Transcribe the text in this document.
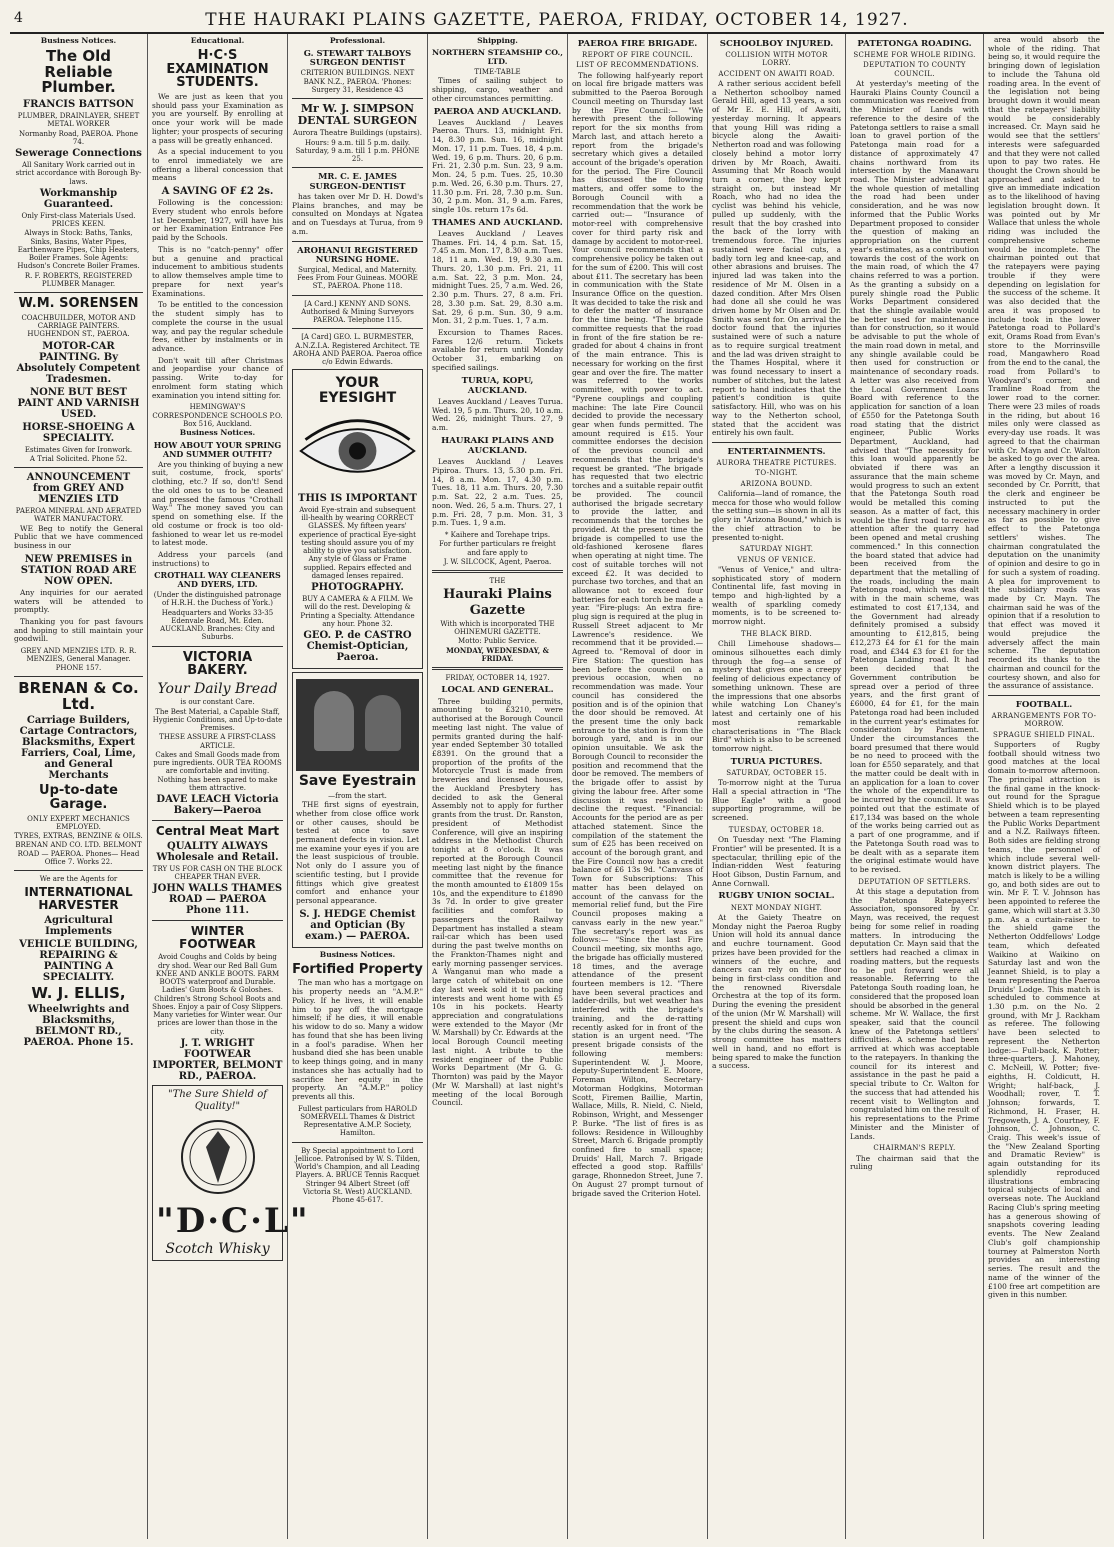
4	THE HAURAKI PLAINS GAZETTE, PAEROA, FRIDAY, OCTOBER 14, 1927.
Business Notices.
The Old Reliable Plumber.
FRANCIS BATTSON
PLUMBER, DRAINLAYER, SHEET METAL WORKER
Normanby Road, PAEROA. Phone 74.
Sewerage Connections
All Sanitary Work carried out in strict accordance with Borough By-laws.
Workmanship Guaranteed.
Only First-class Materials Used. PRICES KEEN.
Always in Stock: Baths, Tanks, Sinks, Basins, Water Pipes, Earthenware Pipes, Chip Heaters, Boiler Frames. Sole Agents: Hudson's Concrete Boiler Frames.
R. F. ROBERTS, REGISTERED PLUMBER Manager.
W.M. SORENSEN
COACHBUILDER, MOTOR AND CARRIAGE PAINTERS. HUGHENDON ST., PAEROA.
MOTOR-CAR PAINTING. By Absolutely Competent Tradesmen.
NONE BUT BEST PAINT AND VARNISH USED.
HORSE-SHOEING A SPECIALITY.
Estimates Given for Ironwork.
A Trial Solicited. Phone 52.
ANNOUNCEMENT from GREY AND MENZIES LTD
PAEROA MINERAL AND AERATED WATER MANUFACTORY.

WE Beg to notify the General Public that we have commenced business in our

NEW PREMISES in STATION ROAD ARE NOW OPEN.

Any inquiries for our aerated waters will be attended to promptly.

Thanking you for past favours and hoping to still maintain your goodwill.

GREY AND MENZIES LTD. R. R. MENZIES, General Manager. PHONE 157.
BRENAN & Co. Ltd.
Carriage Builders, Cartage Contractors, Blacksmiths, Expert Farriers, Coal, Lime, and General Merchants
Up-to-date Garage.
ONLY EXPERT MECHANICS EMPLOYED.
TYRES, EXTRAS, BENZINE & OILS.
BRENAN AND CO. LTD. BELMONT ROAD — PAEROA. Phones— Head Office 7. Works 22.
We are the Agents for
INTERNATIONAL HARVESTER
Agricultural Implements
VEHICLE BUILDING, REPAIRING & PAINTING A SPECIALITY.
W. J. ELLIS,
Wheelwrights and Blacksmiths, BELMONT RD., PAEROA. Phone 15.
Educational.
H·C·S EXAMINATION STUDENTS.

We are just as keen that you should pass your Examination as you are yourself. By enrolling at once your work will be made lighter; your prospects of securing a pass will be greatly enhanced.

As a special inducement to you to enrol immediately we are offering a liberal concession that means

A SAVING OF £2 2s.

Following is the concession: Every student who enrols before 1st December, 1927, will have his or her Examination Entrance Fee paid by the Schools.

This is no "catch-penny" offer but a genuine and practical inducement to ambitious students to allow themselves ample time to prepare for next year's Examinations.

To be entitled to the concession the student simply has to complete the course in the usual way, and pay the regular schedule fees, either by instalments or in advance.

Don't wait till after Christmas and jeopardise your chance of passing. Write to-day for enrolment form stating which examination you intend sitting for.

HEMINGWAY'S CORRESPONDENCE SCHOOLS P.O. Box 516, Auckland.
Business Notices.
HOW ABOUT YOUR SPRING AND SUMMER OUTFIT?

Are you thinking of buying a new suit, costume, frock, sports' clothing, etc.? If so, don't! Send the old ones to us to be cleaned and pressed the famous "Crothall Way." The money saved you can spend on something else. If the old costume or frock is too old-fashioned to wear let us re-model to latest mode.

Address your parcels (and instructions) to

CROTHALL WAY CLEANERS AND DYERS, LTD.
(Under the distinguished patronage of H.R.H. the Duchess of York.)
Headquarters and Works 33-35 Edenvale Road, Mt. Eden. AUCKLAND. Branches: City and Suburbs.
VICTORIA BAKERY.
Your Daily Bread
is our constant Care.
The Best Material, a Capable Staff, Hygienic Conditions, and Up-to-date Premises.
THESE ASSURE A FIRST-CLASS ARTICLE.
Cakes and Small Goods made from pure ingredients. OUR TEA ROOMS are comfortable and inviting. Nothing has been spared to make them attractive.
DAVE LEACH Victoria Bakery—Paeroa
Central Meat Mart
QUALITY ALWAYS Wholesale and Retail.
TRY US FOR CASH ON THE BLOCK CHEAPER THAN EVER.
JOHN WALLS THAMES ROAD — PAEROA Phone 111.
WINTER FOOTWEAR
Avoid Coughs and Colds by being dry shod. Wear our Red Ball Gum KNEE AND ANKLE BOOTS. FARM BOOTS waterproof and Durable. Ladies' Gum Boots & Goloshes. Children's Strong School Boots and Shoes. Enjoy a pair of Cosy Slippers. Many varieties for Winter wear. Our prices are lower than those in the city.
J. T. WRIGHT FOOTWEAR IMPORTER, BELMONT RD., PAEROA.
"The Sure Shield of Quality!"
"D·C·L"
Scotch Whisky
Professional.
G. STEWART TALBOYS SURGEON DENTIST
CRITERION BUILDINGS. NEXT BANK N.Z., PAEROA. 'Phones: Surgery 31, Residence 43
Mr W. J. SIMPSON DENTAL SURGEON
Aurora Theatre Buildings (upstairs).
Hours: 9 a.m. till 5 p.m. daily. Saturday, 9 a.m. till 1 p.m. PHONE 25.
MR. C. E. JAMES SURGEON-DENTIST

has taken over Mr D. H. Dowd's Plains branches, and may be consulted on Mondays at Ngatea and on Tuesdays at Turua, from 9 a.m.

AROHANUI REGISTERED NURSING HOME.
Surgical, Medical, and Maternity. Fees From Four Guineas. MOORE ST., PAEROA. Phone 118.
[A Card.] KENNY AND SONS. Authorised & Mining Surveyors PAEROA. Telephone 115.
[A Card] GEO. L. BURMESTER, A.N.Z.I.A. Registered Architect. TE AROHA AND PAEROA. Paeroa office c/o Edwin Edwards.
YOUR EYESIGHT
THIS IS IMPORTANT
Avoid Eye-strain and subsequent ill-health by wearing CORRECT GLASSES. My fifteen years' experience of practical Eye-sight testing should assure you of my ability to give you satisfaction. Any style of Glass or Frame supplied. Repairs effected and damaged lenses repaired.
PHOTOGRAPHY.
BUY A CAMERA & A FILM. We will do the rest. Developing & Printing a Specialty. Attendance any hour. Phone 32.
GEO. P. de CASTRO Chemist-Optician, Paeroa.
Save Eyestrain
—from the start.

THE first signs of eyestrain, whether from close office work or other causes, should be tested at once to save permanent defects in vision. Let me examine your eyes if you are the least suspicious of trouble. Not only do I assure you of scientific testing, but I provide fittings which give greatest comfort and enhance your personal appearance.

S. J. HEDGE Chemist and Optician (By exam.) — PAEROA.
Business Notices.
Fortified Property

The man who has a mortgage on his property needs an "A.M.P." Policy. If he lives, it will enable him to pay off the mortgage himself; if he dies, it will enable his widow to do so. Many a widow has found that she has been living in a fool's paradise. When her husband died she has been unable to keep things going, and in many instances she has actually had to sacrifice her equity in the property. An "A.M.P." policy prevents all this.

Fullest particulars from HAROLD SOMERVELL Thames & District Representative A.M.P. Society, Hamilton.
By Special appointment to Lord Jellicoe. Patronised by W. S. Tilden, World's Champion, and all Leading Players. A. BRUCE Tennis Racquet Stringer 94 Albert Street (off Victoria St. West) AUCKLAND. Phone 45-617.
Shipping.
NORTHERN STEAMSHIP CO., LTD.
TIME-TABLE

Times of sailing subject to shipping, cargo, weather and other circumstances permitting.

PAEROA AND AUCKLAND.

Leaves Auckland / Leaves Paeroa. Thurs. 13, midnight Fri. 14, 8.30 p.m. Sun. 16, midnight Mon. 17, 11 p.m. Tues. 18, 4 p.m. Wed. 19, 6 p.m. Thurs. 20, 6 p.m. Fri. 21, 2.30 p.m. Sun. 23, 9 a.m. Mon. 24, 5 p.m. Tues. 25, 10.30 p.m. Wed. 26, 6.30 p.m. Thurs. 27, 11.30 p.m. Fri. 28, 7.30 p.m. Sun. 30, 2 p.m. Mon. 31, 9 a.m. Fares, single 10s. return 17s 6d.

THAMES AND AUCKLAND.

Leaves Auckland / Leaves Thames. Fri. 14, 4 p.m. Sat. 15, 7.45 a.m. Mon. 17, 8.30 a.m. Tues. 18, 11 a.m. Wed. 19, 9.30 a.m. Thurs. 20, 1.30 p.m. Fri. 21, 11 a.m. Sat. 22, 3 p.m. Mon. 24, midnight Tues. 25, 7 a.m. Wed. 26, 2.30 p.m. Thurs. 27, 8 a.m. Fri. 28, 3.30 p.m. Sat. 29, 8.30 a.m. Sat. 29, 6 p.m. Sun. 30, 9 a.m. Mon. 31, 2 p.m. Tues. 1, 7 a.m.

Excursion to Thames Races. Fares 12/6 return. Tickets available for return until Monday October 31, embarking on specified sailings.

TURUA, KOPU, AUCKLAND.

Leaves Auckland / Leaves Turua. Wed. 19, 5 p.m. Thurs. 20, 10 a.m. Wed. 26, midnight Thurs. 27, 9 a.m.

HAURAKI PLAINS AND AUCKLAND.

Leaves Auckland / Leaves Pipiroa. Thurs. 13, 5.30 p.m. Fri. 14, 8 a.m. Mon. 17, 4.30 p.m. Tues. 18, 11 a.m. Thurs. 20, 7.30 p.m. Sat. 22, 2 a.m. Tues. 25, noon. Wed. 26, 5 a.m. Thurs. 27, 1 p.m. Fri. 28, 7 p.m. Mon. 31, 3 p.m. Tues. 1, 9 a.m.

* Kaihere and Torehape trips.
For further particulars re freight and fare apply to
J. W. SILCOCK, Agent, Paeroa.
THE
Hauraki Plains Gazette
With which is incorporated THE OHINEMURI GAZETTE.
Motto: Public Service.
MONDAY, WEDNESDAY, & FRIDAY.
FRIDAY, OCTOBER 14, 1927.
LOCAL AND GENERAL.

Three building permits, amounting to £3210, were authorised at the Borough Council meeting last night. The value of permits granted during the half-year ended September 30 totalled £8391. On the ground that a proportion of the profits of the Motorcycle Trust is made from breweries and licensed houses, the Auckland Presbytery has decided to ask the General Assembly not to apply for further grants from the trust. Dr. Ranston, president of Methodist Conference, will give an inspiring address in the Methodist Church tonight at 8 o'clock. It was reported at the Borough Council meeting last night by the finance committee that the revenue for the month amounted to £1809 15s 10s, and the expenditure to £1890 3s 7d. In order to give greater facilities and comfort to passengers the Railway Department has installed a steam rail-car which has been used during the past twelve months on the Frankton-Thames night and early morning passenger services. A Wanganui man who made a large catch of whitebait on one day last week sold it to packing interests and went home with £5 10s in his pockets. Hearty appreciation and congratulations were extended to the Mayor (Mr W. Marshall) by Cr. Edwards at the local Borough Council meeting last night. A tribute to the resident engineer of the Public Works Department (Mr G. G. Thornton) was paid by the Mayor (Mr W. Marshall) at last night's meeting of the local Borough Council.

PAEROA FIRE BRIGADE.
REPORT OF FIRE COUNCIL.
LIST OF RECOMMENDATIONS.

The following half-yearly report on local fire brigade matters was submitted to the Paeroa Borough Council meeting on Thursday last by the Fire Council:— "We herewith present the following report for the six months from March last, and attach hereto a report from the brigade's secretary which gives a detailed account of the brigade's operation for the period. The Fire Council has discussed the following matters, and offer some to the Borough Council with a recommendation that the work be carried out:— "Insurance of motor-reel with comprehensive cover for third party risk and damage by accident to motor-reel. Your council recommends that a comprehensive policy be taken out for the sum of £200. This will cost about £11. The secretary has been in communication with the State Insurance Office on the question. It was decided to take the risk and to defer the matter of insurance for the time being. "The brigade committee requests that the road in front of the fire station be re-graded for about 4 chains in front of the main entrance. This is necessary for working on the first gear and over the fire. The matter was referred to the works committee, with power to act. "Pyrene couplings and coupling machine: The late Fire Council decided to provide the necessary gear when funds permitted. The amount required is £15. Your committee endorses the decision of the previous council and recommends that the brigade's request be granted. "The brigade has requested that two electric torches and a suitable repair outfit be provided. The council authorised the brigade secretary to provide the latter, and recommends that the torches be provided. At the present time the brigade is compelled to use the old-fashioned kerosene flares when operating at night time. The cost of suitable torches will not exceed £2. It was decided to purchase two torches, and that an allowance not to exceed four batteries for each torch be made a year. "Fire-plugs: An extra fire-plug sign is required at the plug in Russell Street adjacent to Mr Lawrence's residence. We recommend that it be provided.—Agreed to. "Removal of door in Fire Station: The question has been before the council on a previous occasion, when no recommendation was made. Your council has considered the position and is of the opinion that the door should be removed. At the present time the only back entrance to the station is from the borough yard, and is in our opinion unsuitable. We ask the Borough Council to reconsider the position and recommend that the door be removed. The members of the brigade offer to assist by giving the labour free. After some discussion it was resolved to decline the request. "Financial: Accounts for the period are as per attached statement. Since the compilation of the statement the sum of £25 has been received on account of the borough grant, and the Fire Council now has a credit balance of £6 13s 9d. "Canvass of Town for Subscriptions: This matter has been delayed on account of the canvass for the memorial relief fund, but the Fire Council proposes making a canvass early in the new year." The secretary's report was as follows:— "Since the last Fire Council meeting, six months ago, the brigade has officially mustered 18 times, and the average attendance of the present fourteen members is 12. "There have been several practices and ladder-drills, but wet weather has interfered with the brigade's training, and the de-ratting recently asked for in front of the station is an urgent need. "The present brigade consists of the following members: Superintendent W. J. Moore, deputy-Superintendent E. Moore, Foreman Wilton, Secretary-Motorman Hodgkins, Motorman Scott, Firemen Baillie, Martin, Wallace, Mills, R. Nield, C. Nield, Robinson, Wright, and Messenger P. Burke. "The list of fires is as follows: Residence in Willoughby Street, March 6. Brigade promptly confined fire to small space; Druids' Hall, March 7. Brigade effected a good stop. Raffills' garage, Rhonnedon Street, June 7. On August 27 prompt turnout of brigade saved the Criterion Hotel.

SCHOOLBOY INJURED.
COLLISION WITH MOTOR LORRY.
ACCIDENT ON AWAITI ROAD.

A rather serious accident befell a Netherton schoolboy named Gerald Hill, aged 13 years, a son of Mr E. E. Hill, of Awaiti, yesterday morning. It appears that young Hill was riding a bicycle along the Awaiti-Netherton road and was following closely behind a motor lorry driven by Mr Roach, Awaiti. Assuming that Mr Roach would turn a corner, the boy kept straight on, but instead Mr Roach, who had no idea the cyclist was behind his vehicle, pulled up suddenly, with the result that the boy crashed into the back of the lorry with tremendous force. The injuries sustained were facial cuts, a badly torn leg and knee-cap, and other abrasions and bruises. The injured lad was taken into the residence of Mr M. Olsen in a dazed condition. After Mrs Olsen had done all she could he was driven home by Mr Olsen and Dr. Smith was sent for. On arrival the doctor found that the injuries sustained were of such a nature as to require surgical treatment and the lad was driven straight to the Thames Hospital, where it was found necessary to insert a number of stitches, but the latest report to hand indicates that the patient's condition is quite satisfactory. Hill, who was on his way to the Netherton school, stated that the accident was entirely his own fault.

ENTERTAINMENTS.
AURORA THEATRE PICTURES.
TO-NIGHT.
ARIZONA BOUND.

California—land of romance, the mecca for those who would follow the setting sun—is shown in all its glory in "Arizona Bound," which is the chief attraction to be presented to-night.

SATURDAY NIGHT.
VENUS OF VENICE.

"Venus of Venice," and ultra-sophisticated story of modern Continental life, fast moving in tempo and high-lighted by a wealth of sparkling comedy moments, is to be screened to-morrow night.

THE BLACK BIRD.

Chill Limehouse shadows—ominous silhouettes each dimly through the fog—a sense of mystery that gives one a creepy feeling of delicious expectancy of something unknown. These are the impressions that one absorbs while watching Lon Chaney's latest and certainly one of his most remarkable characterisations in "The Black Bird" which is also to be screened tomorrow night.

TURUA PICTURES.
SATURDAY, OCTOBER 15.

To-morrow night at the Turua Hall a special attraction in "The Blue Eagle" with a good supporting programme, will be screened.

TUESDAY, OCTOBER 18.

On Tuesday next "The Flaming Frontier" will be presented. It is a spectacular, thrilling epic of the Indian-ridden West featuring Hoot Gibson, Dustin Farnum, and Anne Cornwall.

RUGBY UNION SOCIAL.
NEXT MONDAY NIGHT.

At the Gaiety Theatre on Monday night the Paeroa Rugby Union will hold its annual dance and euchre tournament. Good prizes have been provided for the winners of the euchre, and dancers can rely on the floor being in first-class condition and the renowned Riversdale Orchestra at the top of its form. During the evening the president of the union (Mr W. Marshall) will present the shield and cups won by the clubs during the season. A strong committee has matters well in hand, and no effort is being spared to make the function a success.

PATETONGA ROADING.
SCHEME FOR WHOLE RIDING.
DEPUTATION TO COUNTY COUNCIL.

At yesterday's meeting of the Hauraki Plains County Council a communication was received from the Minister of Lands with reference to the desire of the Patetonga settlers to raise a small loan to gravel portion of the Patetonga main road for a distance of approximately 47 chains northward from its intersection by the Manawaru road. The Minister advised that the whole question of metalling the road had been under consideration, and he was now informed that the Public Works Department proposed to consider the question of making an appropriation on the current year's estimates, as a contribution towards the cost of the work on the main road, of which the 47 chains referred to was a portion. As the granting a subsidy on a purely shingle road the Public Works Department considered that the shingle available would be better used for maintenance than for construction, so it would be advisable to put the whole of the main road down in metal, and any shingle available could be then used for construction or maintenance of secondary roads. A letter was also received from the Local Government Loans Board with reference to the application for sanction of a loan of £550 for the Patetonga South road stating that the district engineer, Public Works Department, Auckland, had advised that "The necessity for this loan would apparently be obviated if there was an assurance that the main scheme would progress to such an extent that the Patetonga South road would be metalled this coming season. As a matter of fact, this would be the first road to receive attention after the quarry had been opened and metal crushing commenced." In this connection the board stated that advice had been received from the department that the metalling of the roads, including the main Patetonga road, which was dealt with in the main scheme, was estimated to cost £17,134, and the Government had already definitely promised a subsidy amounting to £12,815, being £12,273 £4 for £1 for the main road, and £344 £3 for £1 for the Patetonga Landing road. It had been decided that the Government contribution be spread over a period of three years, and the first grant of £6000, £4 for £1, for the main Patetonga road had been included in the current year's estimates for consideration by Parliament. Under the circumstances the board presumed that there would be no need to proceed with the loan for £550 separately, and that the matter could be dealt with in an application for a loan to cover the whole of the expenditure to be incurred by the council. It was pointed out that the estimate of £17,134 was based on the whole of the works being carried out as a part of one programme, and if the Patetonga South road was to be dealt with as a separate item the original estimate would have to be revised.

DEPUTATION OF SETTLERS.

At this stage a deputation from the Patetonga Ratepayers' Association, sponsored by Cr. Mayn, was received, the request being for some relief in roading matters. In introducing the deputation Cr. Mayn said that the settlers had reached a climax in roading matters, but the requests to be put forward were all reasonable. Referring to the Patetonga South roading loan, he considered that the proposed loan should be absorbed in the general scheme. Mr W. Wallace, the first speaker, said that the council knew of the Patetonga settlers' difficulties. A scheme had been arrived at which was acceptable to the ratepayers. In thanking the council for its interest and assistance in the past he paid a special tribute to Cr. Walton for the success that had attended his recent visit to Wellington and congratulated him on the result of his representations to the Prime Minister and the Minister of Lands.

CHAIRMAN'S REPLY.

The chairman said that the ruling

area would absorb the whole of the riding. That being so, it would require the bringing down of legislation to include the Tahuna old roading area. In the event of the legislation not being brought down it would mean that the ratepayers' liability would be considerably increased. Cr. Mayn said he would see that the settlers' interests were safeguarded and that they were not called upon to pay two rates. He thought the Crown should be approached and asked to give an immediate indication as to the likelihood of having legislation brought down. It was pointed out by Mr Wallace that unless the whole riding was included the comprehensive scheme would be incomplete. The chairman pointed out that the ratepayers were paying trouble if they were depending on legislation for the success of the scheme. It was also decided that the area it was proposed to include took in the lower Patetonga road to Pollard's exit, Orams Road from Evan's store to the Morrinsville road, Mangawhero Road from the end to the canal, the road from Pollard's to Woodyard's corner, and Tramline Road from the lower road to the corner. There were 23 miles of roads in the riding, but about 16 miles only were classed as every-day use roads. It was agreed to that the chairman with Cr. Mayn and Cr. Walton be asked to go over the area. After a lengthy discussion it was moved by Cr. Mayn, and seconded by Cr. Porritt, that the clerk and engineer be instructed to put the necessary machinery in order as far as possible to give effect to the Patetonga settlers' wishes. The chairman congratulated the deputation on the unanimity of opinion and desire to go in for such a system of roading. A plea for improvement to the subsidiary roads was made by Cr. Mayn. The chairman said he was of the opinion that if a resolution to that effect was moved it would prejudice the adversely affect the main scheme. The deputation recorded its thanks to the chairman and council for the courtesy shown, and also for the assurance of assistance.

FOOTBALL.
ARRANGEMENTS FOR TO-MORROW.
SPRAGUE SHIELD FINAL.

Supporters of Rugby football should witness two good matches at the local domain to-morrow afternoon. The principal attraction is the final game in the knock-out round for the Sprague Shield which is to be played between a team representing the Public Works Department and a N.Z. Railways fifteen. Both sides are fielding strong teams, the personnel of which include several well-known district players. The match is likely to be a willing go, and both sides are out to win. Mr F. T. V. Johnson has been appointed to referee the game, which will start at 3.30 p.m. As a curtain-raiser to the shield game the Netherton Oddfellows' Lodge team, which defeated Waikino at Waikino on Saturday last and won the Jeannet Shield, is to play a team representing the Paeroa Druids' Lodge. This match is scheduled to commence at 1.30 p.m. on the No. 2 ground, with Mr J. Rackham as referee. The following have been selected to represent the Netherton lodge:— Full-back, K. Potter; three-quarters, J. Mahoney, C. McNeill, W. Potter; five-eighths, H. Coldicutt, H. Wright; half-back, J. Woodhall; rover, T. T. Johnson; forwards, T. Richmond, H. Fraser, H. Tregoweth, J. A. Courtney, F. Johnson, C. Johnson, C. Craig. This week's issue of the "New Zealand Sporting and Dramatic Review" is again outstanding for its splendidly reproduced illustrations embracing topical subjects of local and overseas note. The Auckland Racing Club's spring meeting has a generous showing of snapshots covering leading events. The New Zealand Club's golf championship tourney at Palmerston North provides an interesting series. The result and the name of the winner of the £100 free art competition are given in this number.
